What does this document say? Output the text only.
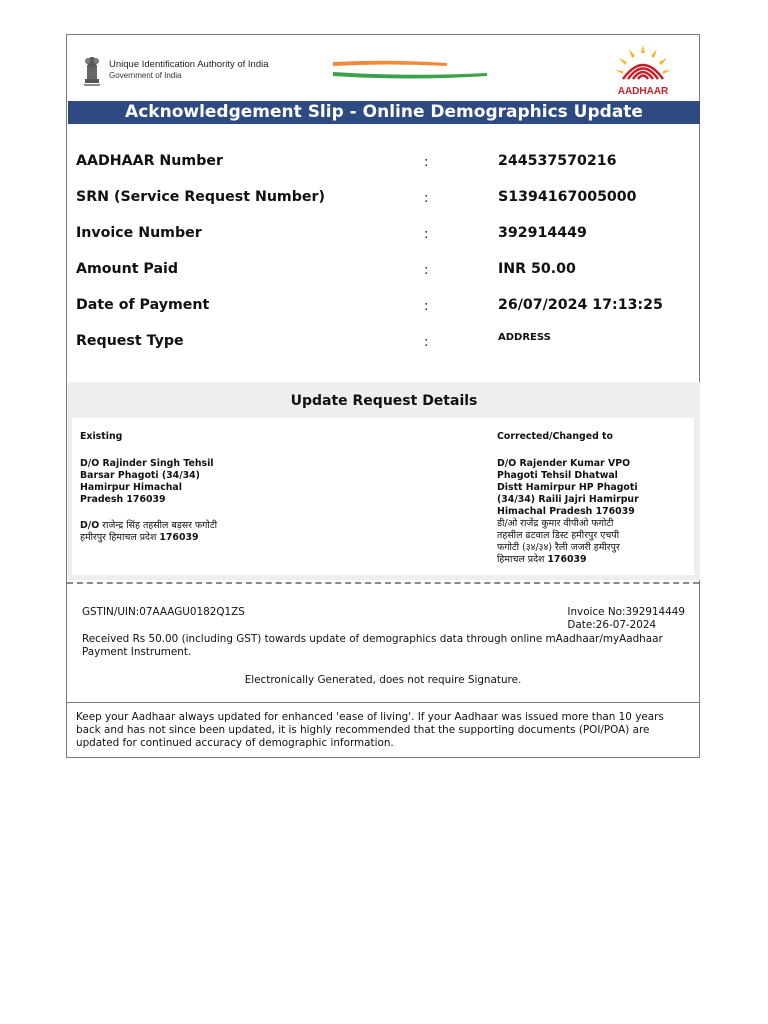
Unique Identification Authority of India
Government of India
AADHAAR
Acknowledgement Slip - Online Demographics Update
AADHAAR Number	:	244537570216
SRN (Service Request Number)	:	S1394167005000
Invoice Number	:	392914449
Amount Paid	:	INR 50.00
Date of Payment	:	26/07/2024 17:13:25
Request Type	:	ADDRESS
Update Request Details

Existing

D/O Rajinder Singh Tehsil

Barsar Phagoti (34/34)

Hamirpur Himachal

Pradesh 176039

D/O राजेन्द्र सिंह तहसील बड़सर फगोटी

हमीरपुर हिमाचल प्रदेश 176039

Corrected/Changed to

D/O Rajender Kumar VPO

Phagoti Tehsil Dhatwal

Distt Hamirpur HP Phagoti

(34/34) Raili Jajri Hamirpur

Himachal Pradesh 176039

डी/ओ राजेंद्र कुमार वीपीओ फगोटी

तहसील ढटवाल डिस्ट हमीरपुर एचपी

फगोटी (३४/३४) रैली जजरी हमीरपुर

हिमाचल प्रदेश 176039

GSTIN/UIN:07AAAGU0182Q1ZS	Invoice No:392914449

Date:26-07-2024

Received Rs 50.00 (including GST) towards update of demographics data through online mAadhaar/myAadhaar Payment Instrument.
Electronically Generated, does not require Signature.
Keep your Aadhaar always updated for enhanced 'ease of living'. If your Aadhaar was issued more than 10 years back and has not since been updated, it is highly recommended that the supporting documents (POI/POA) are updated for continued accuracy of demographic information.
